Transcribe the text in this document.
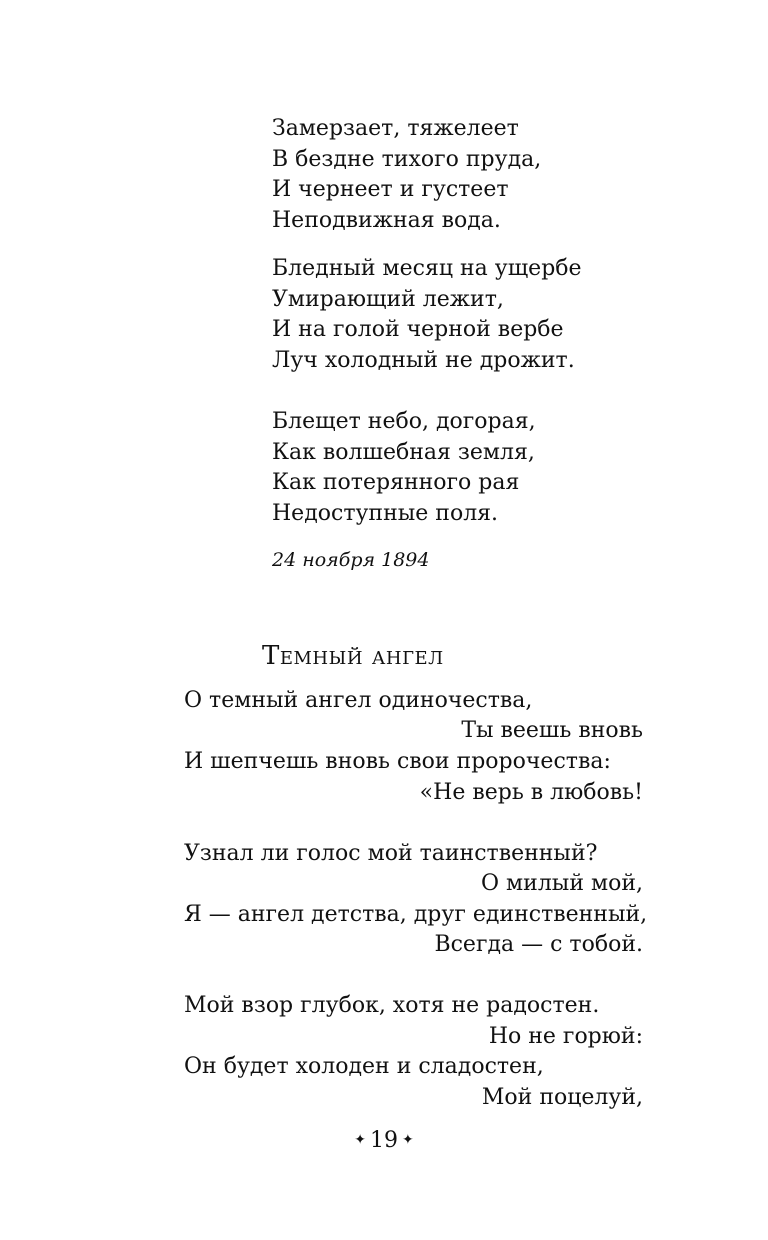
Замерзает, тяжелеет
В бездне тихого пруда,
И чернеет и густеет
Неподвижная вода.
Бледный месяц на ущербе
Умирающий лежит,
И на голой черной вербе
Луч холодный не дрожит.
Блещет небо, догорая,
Как волшебная земля,
Как потерянного рая
Недоступные поля.
24 ноября 1894
Темный ангел
О темный ангел одиночества,
Ты веешь вновь
И шепчешь вновь свои пророчества:
«Не верь в любовь!
Узнал ли голос мой таинственный?
О милый мой,
Я — ангел детства, друг единственный,
Всегда — с тобой.
Мой взор глубок, хотя не радостен.
Но не горюй:
Он будет холоден и сладостен,
Мой поцелуй,
✦ 19 ✦
